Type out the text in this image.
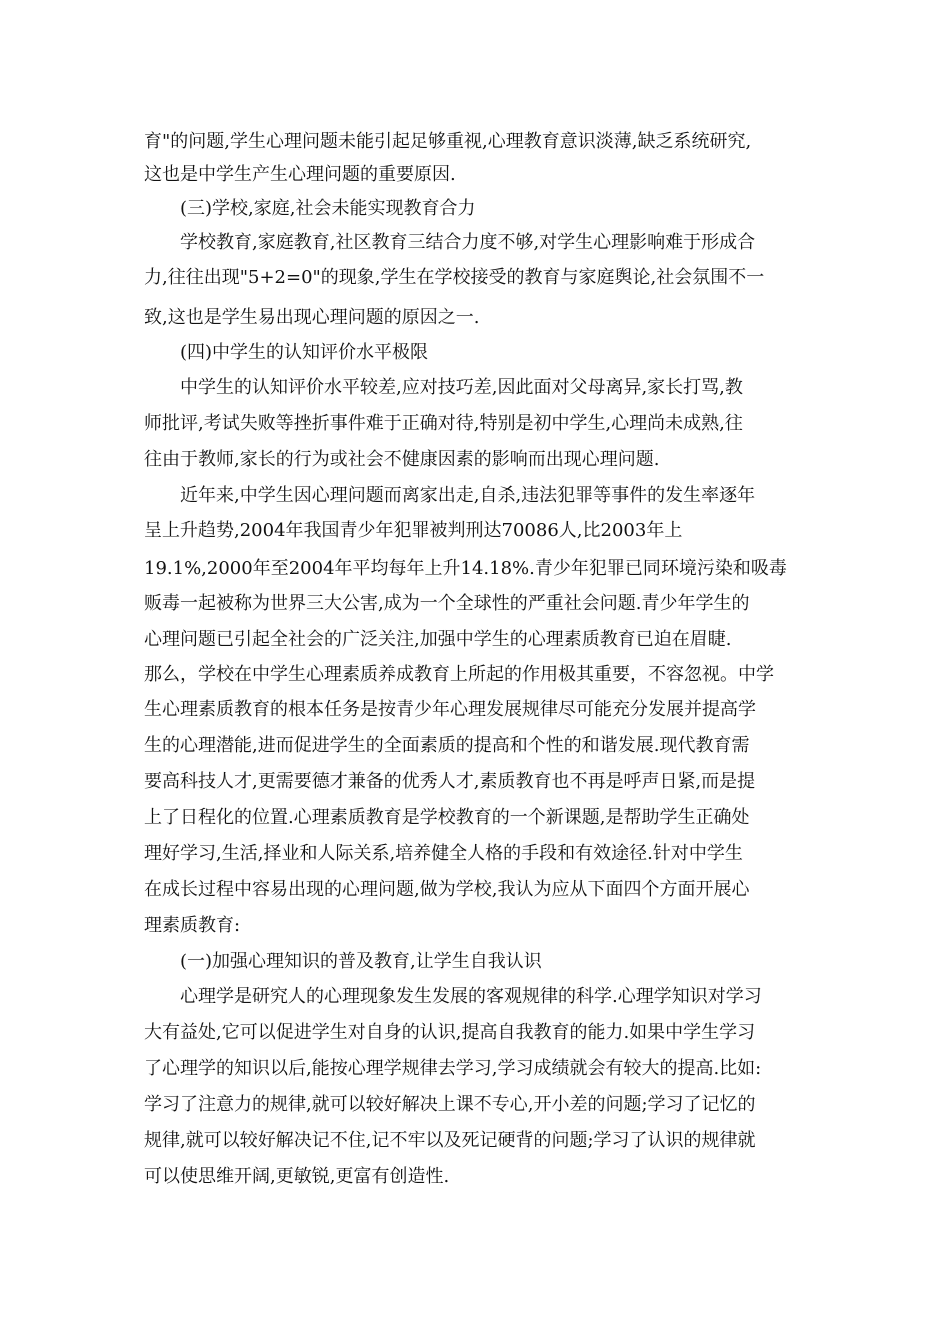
育"的问题,学生心理问题未能引起足够重视,心理教育意识淡薄,缺乏系统研究,
这也是中学生产生心理问题的重要原因.
(三)学校,家庭,社会未能实现教育合力
学校教育,家庭教育,社区教育三结合力度不够,对学生心理影响难于形成合
力,往往出现"5+2=0"的现象,学生在学校接受的教育与家庭舆论,社会氛围不一
致,这也是学生易出现心理问题的原因之一.
(四)中学生的认知评价水平极限
中学生的认知评价水平较差,应对技巧差,因此面对父母离异,家长打骂,教
师批评,考试失败等挫折事件难于正确对待,特别是初中学生,心理尚未成熟,往
往由于教师,家长的行为或社会不健康因素的影响而出现心理问题.
近年来,中学生因心理问题而离家出走,自杀,违法犯罪等事件的发生率逐年
呈上升趋势,2004年我国青少年犯罪被判刑达70086人,比2003年上
19.1%,2000年至2004年平均每年上升14.18%.青少年犯罪已同环境污染和吸毒
贩毒一起被称为世界三大公害,成为一个全球性的严重社会问题.青少年学生的
心理问题已引起全社会的广泛关注,加强中学生的心理素质教育已迫在眉睫.
那么，学校在中学生心理素质养成教育上所起的作用极其重要，不容忽视。中学
生心理素质教育的根本任务是按青少年心理发展规律尽可能充分发展并提高学
生的心理潜能,进而促进学生的全面素质的提高和个性的和谐发展.现代教育需
要高科技人才,更需要德才兼备的优秀人才,素质教育也不再是呼声日紧,而是提
上了日程化的位置.心理素质教育是学校教育的一个新课题,是帮助学生正确处
理好学习,生活,择业和人际关系,培养健全人格的手段和有效途径.针对中学生
在成长过程中容易出现的心理问题,做为学校,我认为应从下面四个方面开展心
理素质教育:
(一)加强心理知识的普及教育,让学生自我认识
心理学是研究人的心理现象发生发展的客观规律的科学.心理学知识对学习
大有益处,它可以促进学生对自身的认识,提高自我教育的能力.如果中学生学习
了心理学的知识以后,能按心理学规律去学习,学习成绩就会有较大的提高.比如:
学习了注意力的规律,就可以较好解决上课不专心,开小差的问题;学习了记忆的
规律,就可以较好解决记不住,记不牢以及死记硬背的问题;学习了认识的规律就
可以使思维开阔,更敏锐,更富有创造性.
